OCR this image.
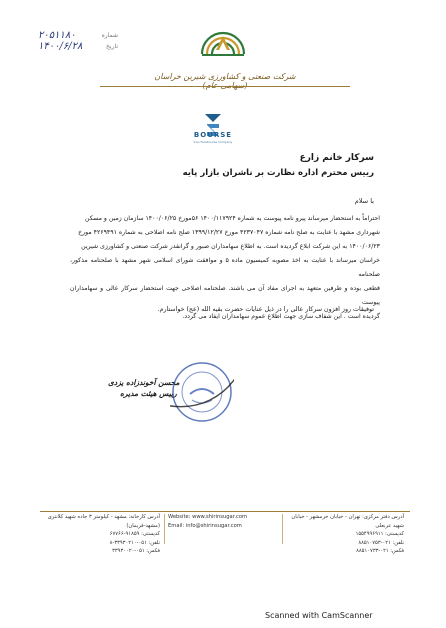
شماره
۲۰۵۱۱۸۰
تاریخ
۱۴۰۰/۶/۲۸
شرکت صنعتی و کشاورزی شیرین خراسان
BOURSE
Iran Farabourse Company
سرکار خانم زارع
رییس محترم اداره نظارت بر ناشران بازار پایه
با سلام
احتراماً به استحضار میرساند پیرو نامه پیوست به شماره ۱۴۰۰/۱۱۷۹۲۴ ۵۶مورخ ۱۴۰۰/۰۶/۲۵ سازمان زمین و مسکن
شهرداری مشهد با عنایت به صلح نامه شماره ۴۲۳۷۰۴۷ مورخ ۱۳۹۹/۱۲/۲۷ صلح نامه اصلاحی به شماره ۴۲۶۹۴۹۱ مورخ
۱۴۰۰/۰۶/۲۳ به این شرکت ابلاغ گردیده است. به اطلاع سهامداران صبور و گرانقدر شرکت صنعتی و کشاورزی شیرین
خراسان میرساند با عنایت به اخذ مصوبه کمیسیون ماده ۵ و موافقت شورای اسلامی شهر مشهد با صلحنامه مذکور، صلحنامه
قطعی بوده و طرفین متعهد به اجرای مفاد آن می باشند. صلحنامه اصلاحی جهت استحضار سرکار عالی و سهامداران پیوست
گردیده است . این شفاف سازی جهت اطلاع عموم سهامداران ایفاد می گردد.
توفیقات روز افزون سرکار عالی را در ذیل عنایات حضرت بقیه الله (عج) خواستارم.
محسن آخوندزاده یزدی
رییس هیئت مدیره
آدرس کارخانه: مشهد - کیلومتر ۳ جاده شهید کلانتری (مشهد-فریمان)
کدپستی: ۹۱۸۵۹-۶۷۷۶۶
تلفن: ۰۵۱-۳۳۹۳۰۲۱۰-۸
فکس: ۰۵۱-۳۳۹۳۰۰۲۰
Website: www.shirinsugar.com
Email: info@shirinsugar.com
آدرس دفتر مرکزی: تهران - خیابان خرمشهر - خیابان شهید عربعلی
کدپستی: ۱۵۵۴۹۹۶۹۱۱
تلفن: ۰۲۱-۸۸۵۱۰۷۵۳
فکس: ۰۲۱-۸۸۵۱۰۷۳۳
Scanned with CamScanner
